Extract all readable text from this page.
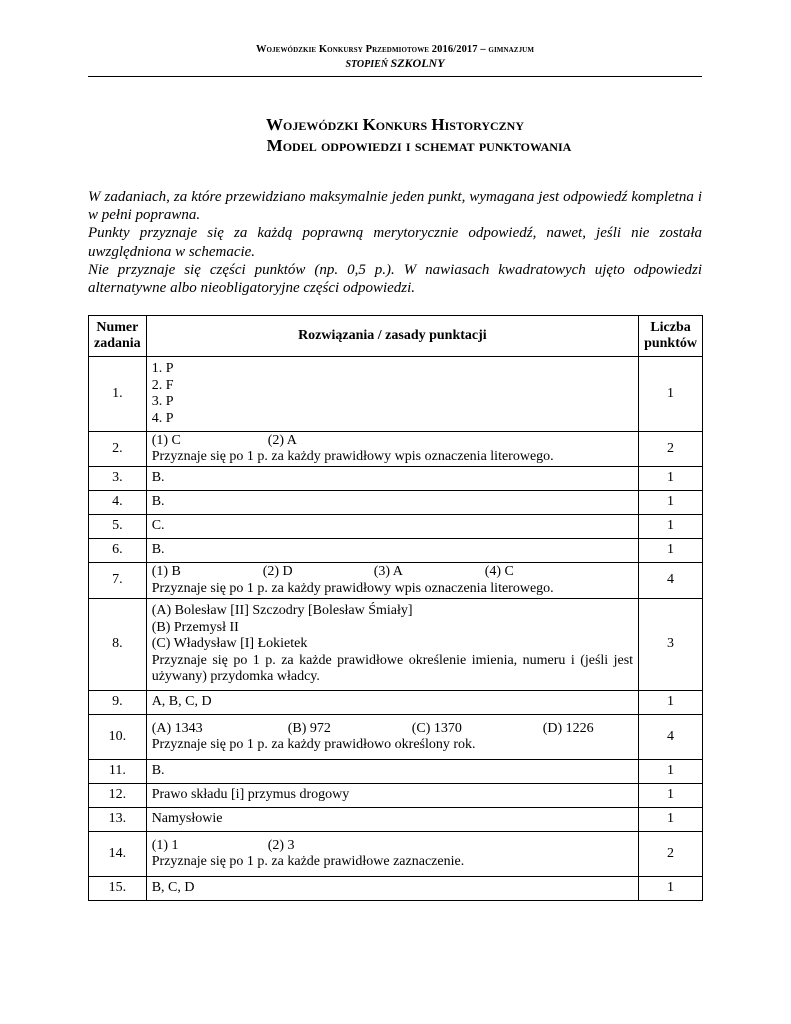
Wojewódzkie Konkursy Przedmiotowe 2016/2017 – gimnazjum
STOPIEŃ SZKOLNY
Wojewódzki Konkurs Historyczny
Model odpowiedzi i schemat punktowania

W zadaniach, za które przewidziano maksymalnie jeden punkt, wymagana jest odpowiedź kompletna i w pełni poprawna.

Punkty przyznaje się za każdą poprawną merytorycznie odpowiedź, nawet, jeśli nie została uwzględniona w schemacie.

Nie przyznaje się części punktów (np. 0,5 p.). W nawiasach kwadratowych ujęto odpowiedzi alternatywne albo nieobligatoryjne części odpowiedzi.

Numer
zadania	Rozwiązania / zasady punktacji	Liczba
punktów
1.	1. P
2. F
3. P
4. P	1
2.	(1) C (2) A
Przyznaje się po 1 p. za każdy prawidłowy wpis oznaczenia literowego.	2
3.	B.	1
4.	B.	1
5.	C.	1
6.	B.	1
7.	(1) B (2) D (3) A (4) C
Przyznaje się po 1 p. za każdy prawidłowy wpis oznaczenia literowego.	4
8.	(A) Bolesław [II] Szczodry [Bolesław Śmiały]
(B) Przemysł II
(C) Władysław [I] Łokietek
Przyznaje się po 1 p. za każde prawidłowe określenie imienia, numeru i (jeśli jest używany) przydomka władcy.	3
9.	A, B, C, D	1
10.	(A) 1343 (B) 972 (C) 1370 (D) 1226
Przyznaje się po 1 p. za każdy prawidłowo określony rok.	4
11.	B.	1
12.	Prawo składu [i] przymus drogowy	1
13.	Namysłowie	1
14.	(1) 1 (2) 3
Przyznaje się po 1 p. za każde prawidłowe zaznaczenie.	2
15.	B, C, D	1
